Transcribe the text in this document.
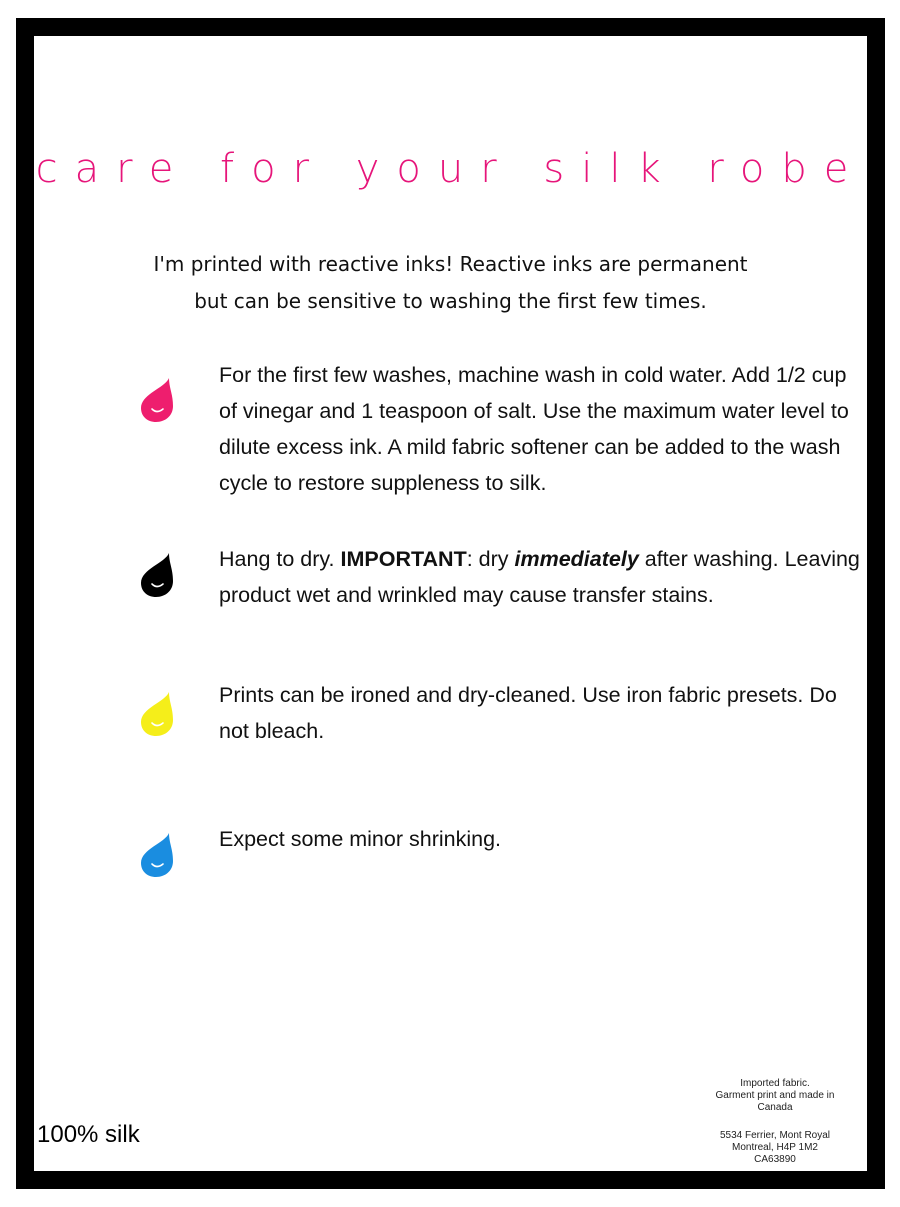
care for your silk robe
I'm printed with reactive inks! Reactive inks are permanent
but can be sensitive to washing the first few times.
For the first few washes, machine wash in cold water. Add 1/2 cup of vinegar and 1 teaspoon of salt. Use the maximum water level to dilute excess ink. A mild fabric softener can be added to the wash cycle to restore suppleness to silk.
Hang to dry. IMPORTANT: dry immediately after washing. Leaving product wet and wrinkled may cause transfer stains.
Prints can be ironed and dry-cleaned. Use iron fabric presets. Do not bleach.
Expect some minor shrinking.
100% silk
Imported fabric.
Garment print and made in
Canada
5534 Ferrier, Mont Royal
Montreal, H4P 1M2
CA63890
